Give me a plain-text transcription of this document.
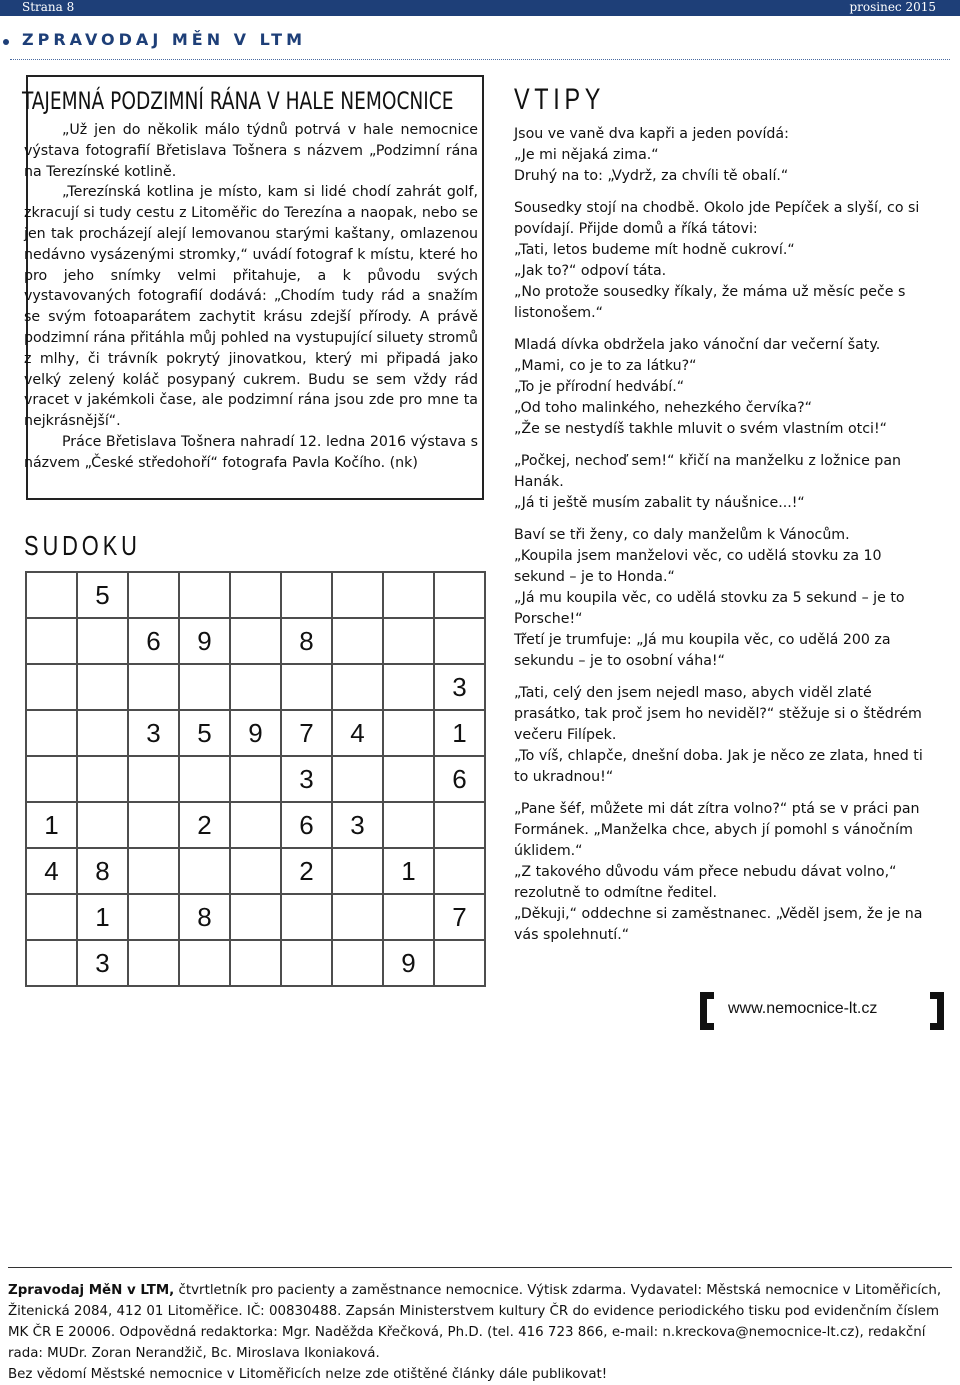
Strana 8	prosinec 2015
ZPRAVODAJ MĚN V LTM
TAJEMNÁ PODZIMNÍ RÁNA V HALE NEMOCNICE

„Už jen do několik málo týdnů potrvá v hale nemocnice výstava fotografií Břetislava Tošnera s názvem „Podzimní rána na Terezínské kotlině.

„Terezínská kotlina je místo, kam si lidé chodí zahrát golf, zkracují si tudy cestu z Litoměřic do Terezína a naopak, nebo se jen tak procházejí alejí lemovanou starými kaštany, omlazenou nedávno vysázenými stromky,“ uvádí fotograf k místu, které ho pro jeho snímky velmi přitahuje, a k původu svých vystavovaných fotografií dodává: „Chodím tudy rád a snažím se svým fotoaparátem zachytit krásu zdejší přírody. A právě podzimní rána přitáhla můj pohled na vystupující siluety stromů z mlhy, či trávník pokrytý jinovatkou, který mi připadá jako velký zelený koláč posypaný cukrem. Budu se sem vždy rád vracet v jakémkoli čase, ale podzimní rána jsou zde pro mne ta nejkrásnější“.

Práce Břetislava Tošnera nahradí 12. ledna 2016 výstava s názvem „České středohoří“ fotografa Pavla Kočího. (nk)

SUDOKU
	5							
		6	9		8			
								3
		3	5	9	7	4		1
					3			6
1			2		6	3		
4	8				2		1	
	1		8					7
	3						9	
VTIPY

Jsou ve vaně dva kapři a jeden povídá:

„Je mi nějaká zima.“

Druhý na to: „Vydrž, za chvíli tě obalí.“

Sousedky stojí na chodbě. Okolo jde Pepíček a slyší, co si povídají. Přijde domů a říká tátovi:

„Tati, letos budeme mít hodně cukroví.“

„Jak to?“ odpoví táta.

„No protože sousedky říkaly, že máma už měsíc peče s listonošem.“

Mladá dívka obdržela jako vánoční dar večerní šaty.

„Mami, co je to za látku?“

„To je přírodní hedvábí.“

„Od toho malinkého, nehezkého červíka?“

„Že se nestydíš takhle mluvit o svém vlastním otci!“

„Počkej, nechoď sem!“ křičí na manželku z ložnice pan Hanák.

„Já ti ještě musím zabalit ty náušnice...!“

Baví se tři ženy, co daly manželům k Vánocům.

„Koupila jsem manželovi věc, co udělá stovku za 10 sekund – je to Honda.“

„Já mu koupila věc, co udělá stovku za 5 sekund – je to Porsche!“

Třetí je trumfuje: „Já mu koupila věc, co udělá 200 za sekundu – je to osobní váha!“

„Tati, celý den jsem nejedl maso, abych viděl zlaté prasátko, tak proč jsem ho neviděl?“ stěžuje si o štědrém večeru Filípek.

„To víš, chlapče, dnešní doba. Jak je něco ze zlata, hned ti to ukradnou!“

„Pane šéf, můžete mi dát zítra volno?“ ptá se v práci pan Formánek. „Manželka chce, abych jí pomohl s vánočním úklidem.“

„Z takového důvodu vám přece nebudu dávat volno,“ rezolutně to odmítne ředitel.

„Děkuji,“ oddechne si zaměstnanec. „Věděl jsem, že je na vás spolehnutí.“

www.nemocnice-lt.cz
Zpravodaj MěN v LTM, čtvrtletník pro pacienty a zaměstnance nemocnice. Výtisk zdarma. Vydavatel: Městská nemocnice v Litoměřicích, Žitenická 2084, 412 01 Litoměřice. IČ: 00830488. Zapsán Ministerstvem kultury ČR do evidence periodického tisku pod evidenčním číslem MK ČR E 20006. Odpovědná redaktorka: Mgr. Naděžda Křečková, Ph.D. (tel. 416 723 866, e-mail: n.kreckova@nemocnice-lt.cz), redakční rada: MUDr. Zoran Nerandžič, Bc. Miroslava Ikoniaková.
Bez vědomí Městské nemocnice v Litoměřicích nelze zde otištěné články dále publikovat!
